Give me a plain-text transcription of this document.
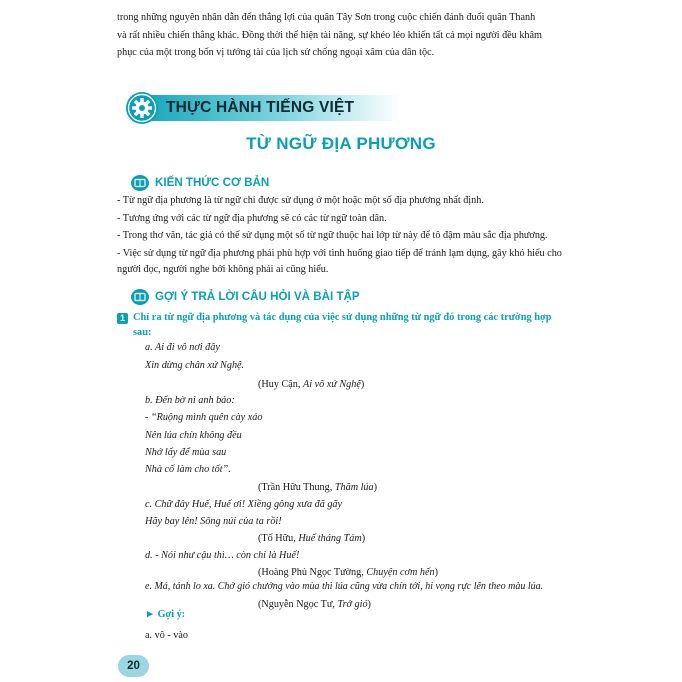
trong những nguyên nhân dẫn đến thắng lợi của quân Tây Sơn trong cuộc chiến đánh đuổi quân Thanh
và rất nhiều chiến thắng khác. Đồng thời thể hiện tài năng, sự khéo léo khiến tất cả mọi người đều khâm
phục của một trong bốn vị tướng tài của lịch sử chống ngoại xâm của dân tộc.

THỰC HÀNH TIẾNG VIỆT
TỪ NGỮ ĐỊA PHƯƠNG
KIẾN THỨC CƠ BẢN

- Từ ngữ địa phương là từ ngữ chỉ được sử dụng ở một hoặc một số địa phương nhất định.

- Tương ứng với các từ ngữ địa phương sẽ có các từ ngữ toàn dân.

- Trong thơ văn, tác giả có thể sử dụng một số từ ngữ thuộc hai lớp từ này để tô đậm màu sắc địa phương.

- Việc sử dụng từ ngữ địa phương phải phù hợp với tình huống giao tiếp để tránh lạm dụng, gây khó hiểu cho người đọc, người nghe bởi không phải ai cũng hiểu.

GỢI Ý TRẢ LỜI CÂU HỎI VÀ BÀI TẬP
1 Chỉ ra từ ngữ địa phương và tác dụng của việc sử dụng những từ ngữ đó trong các trường hợp sau:

a. Ai đi vô nơi đây
Xin dừng chân xứ Nghệ.
(Huy Cận, Ai vô xứ Nghệ)
b. Đến bờ ni anh bảo:
- “Ruộng mình quên cày xáo
Nên lúa chín không đều
Nhớ lấy để mùa sau
Nhà cố làm cho tốt”.
(Trần Hữu Thung, Thăm lúa)
c. Chữ đây Huế, Huế ơi! Xiềng gông xưa đã gãy
Hãy bay lên! Sông núi của ta rồi!
(Tố Hữu, Huế tháng Tám)
d. - Nói như cậu thì… còn chi là Huế!
(Hoàng Phủ Ngọc Tường, Chuyện cơm hến)
e. Má, tánh lo xa. Chớ gió chướng vào mùa thì lúa cũng vừa chín tới, hi vọng rực lên theo màu lúa.
(Nguyễn Ngọc Tư, Trở gió)
► Gợi ý:
a. vô - vào
20
